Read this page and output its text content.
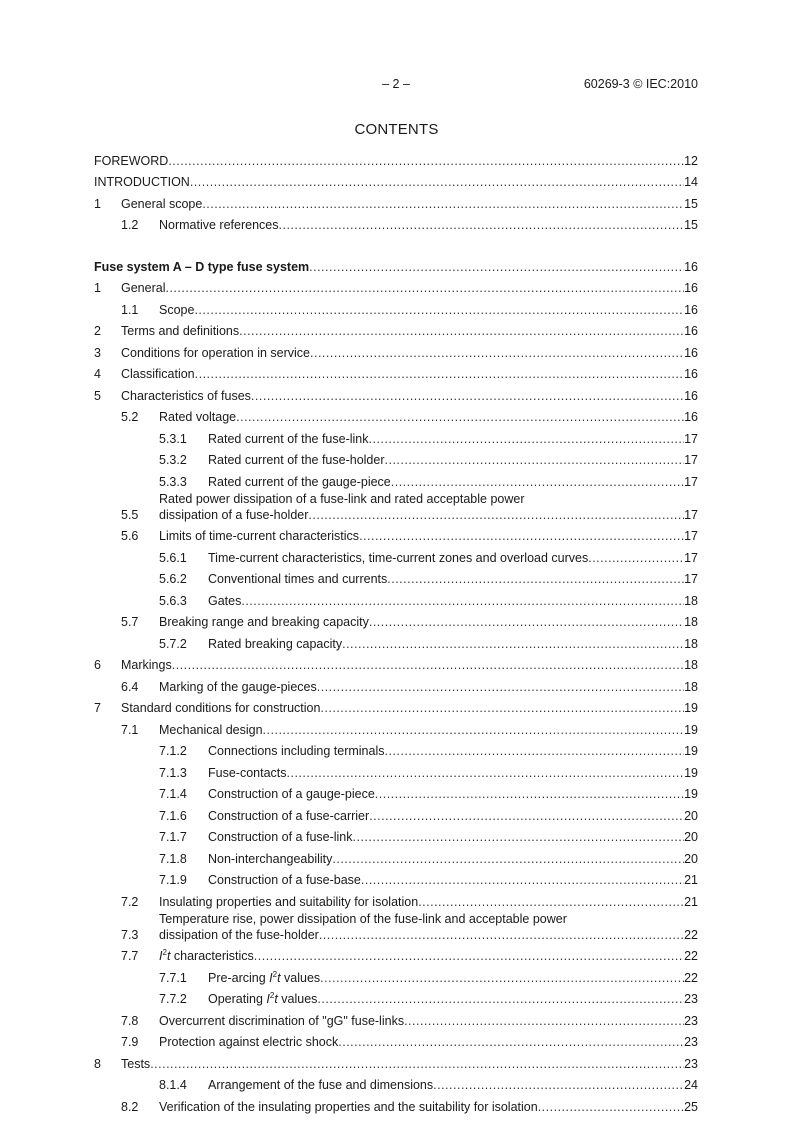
– 2 –	60269-3 © IEC:2010
CONTENTS
FOREWORD .....	12
INTRODUCTION .....	14
1 General scope .....	15
1.2 Normative references .....	15
Fuse system A – D type fuse system .....	16
1 General .....	16
1.1 Scope .....	16
2 Terms and definitions .....	16
3 Conditions for operation in service .....	16
4 Classification .....	16
5 Characteristics of fuses .....	16
5.2 Rated voltage .....	16
5.3.1 Rated current of the fuse-link .....	17
5.3.2 Rated current of the fuse-holder .....	17
5.3.3 Rated current of the gauge-piece .....	17
5.5
Rated power dissipation of a fuse-link and rated acceptable power
dissipation of a fuse-holder .....	17
5.6 Limits of time-current characteristics .....	17
5.6.1 Time-current characteristics, time-current zones and overload curves .....	17
5.6.2 Conventional times and currents .....	17
5.6.3 Gates .....	18
5.7 Breaking range and breaking capacity .....	18
5.7.2 Rated breaking capacity .....	18
6 Markings .....	18
6.4 Marking of the gauge-pieces .....	18
7 Standard conditions for construction .....	19
7.1 Mechanical design .....	19
7.1.2 Connections including terminals .....	19
7.1.3 Fuse-contacts .....	19
7.1.4 Construction of a gauge-piece .....	19
7.1.6 Construction of a fuse-carrier .....	20
7.1.7 Construction of a fuse-link .....	20
7.1.8 Non-interchangeability .....	20
7.1.9 Construction of a fuse-base .....	21
7.2 Insulating properties and suitability for isolation .....	21
7.3
Temperature rise, power dissipation of the fuse-link and acceptable power
dissipation of the fuse-holder .....	22
7.7 $I^2t$ characteristics .....	22
7.7.1 Pre-arcing $I^2t$ values .....	22
7.7.2 Operating $I^2t$ values .....	23
7.8 Overcurrent discrimination of "gG" fuse-links .....	23
7.9 Protection against electric shock .....	23
8 Tests .....	23
8.1.4 Arrangement of the fuse and dimensions .....	24
8.2 Verification of the insulating properties and the suitability for isolation .....	25
